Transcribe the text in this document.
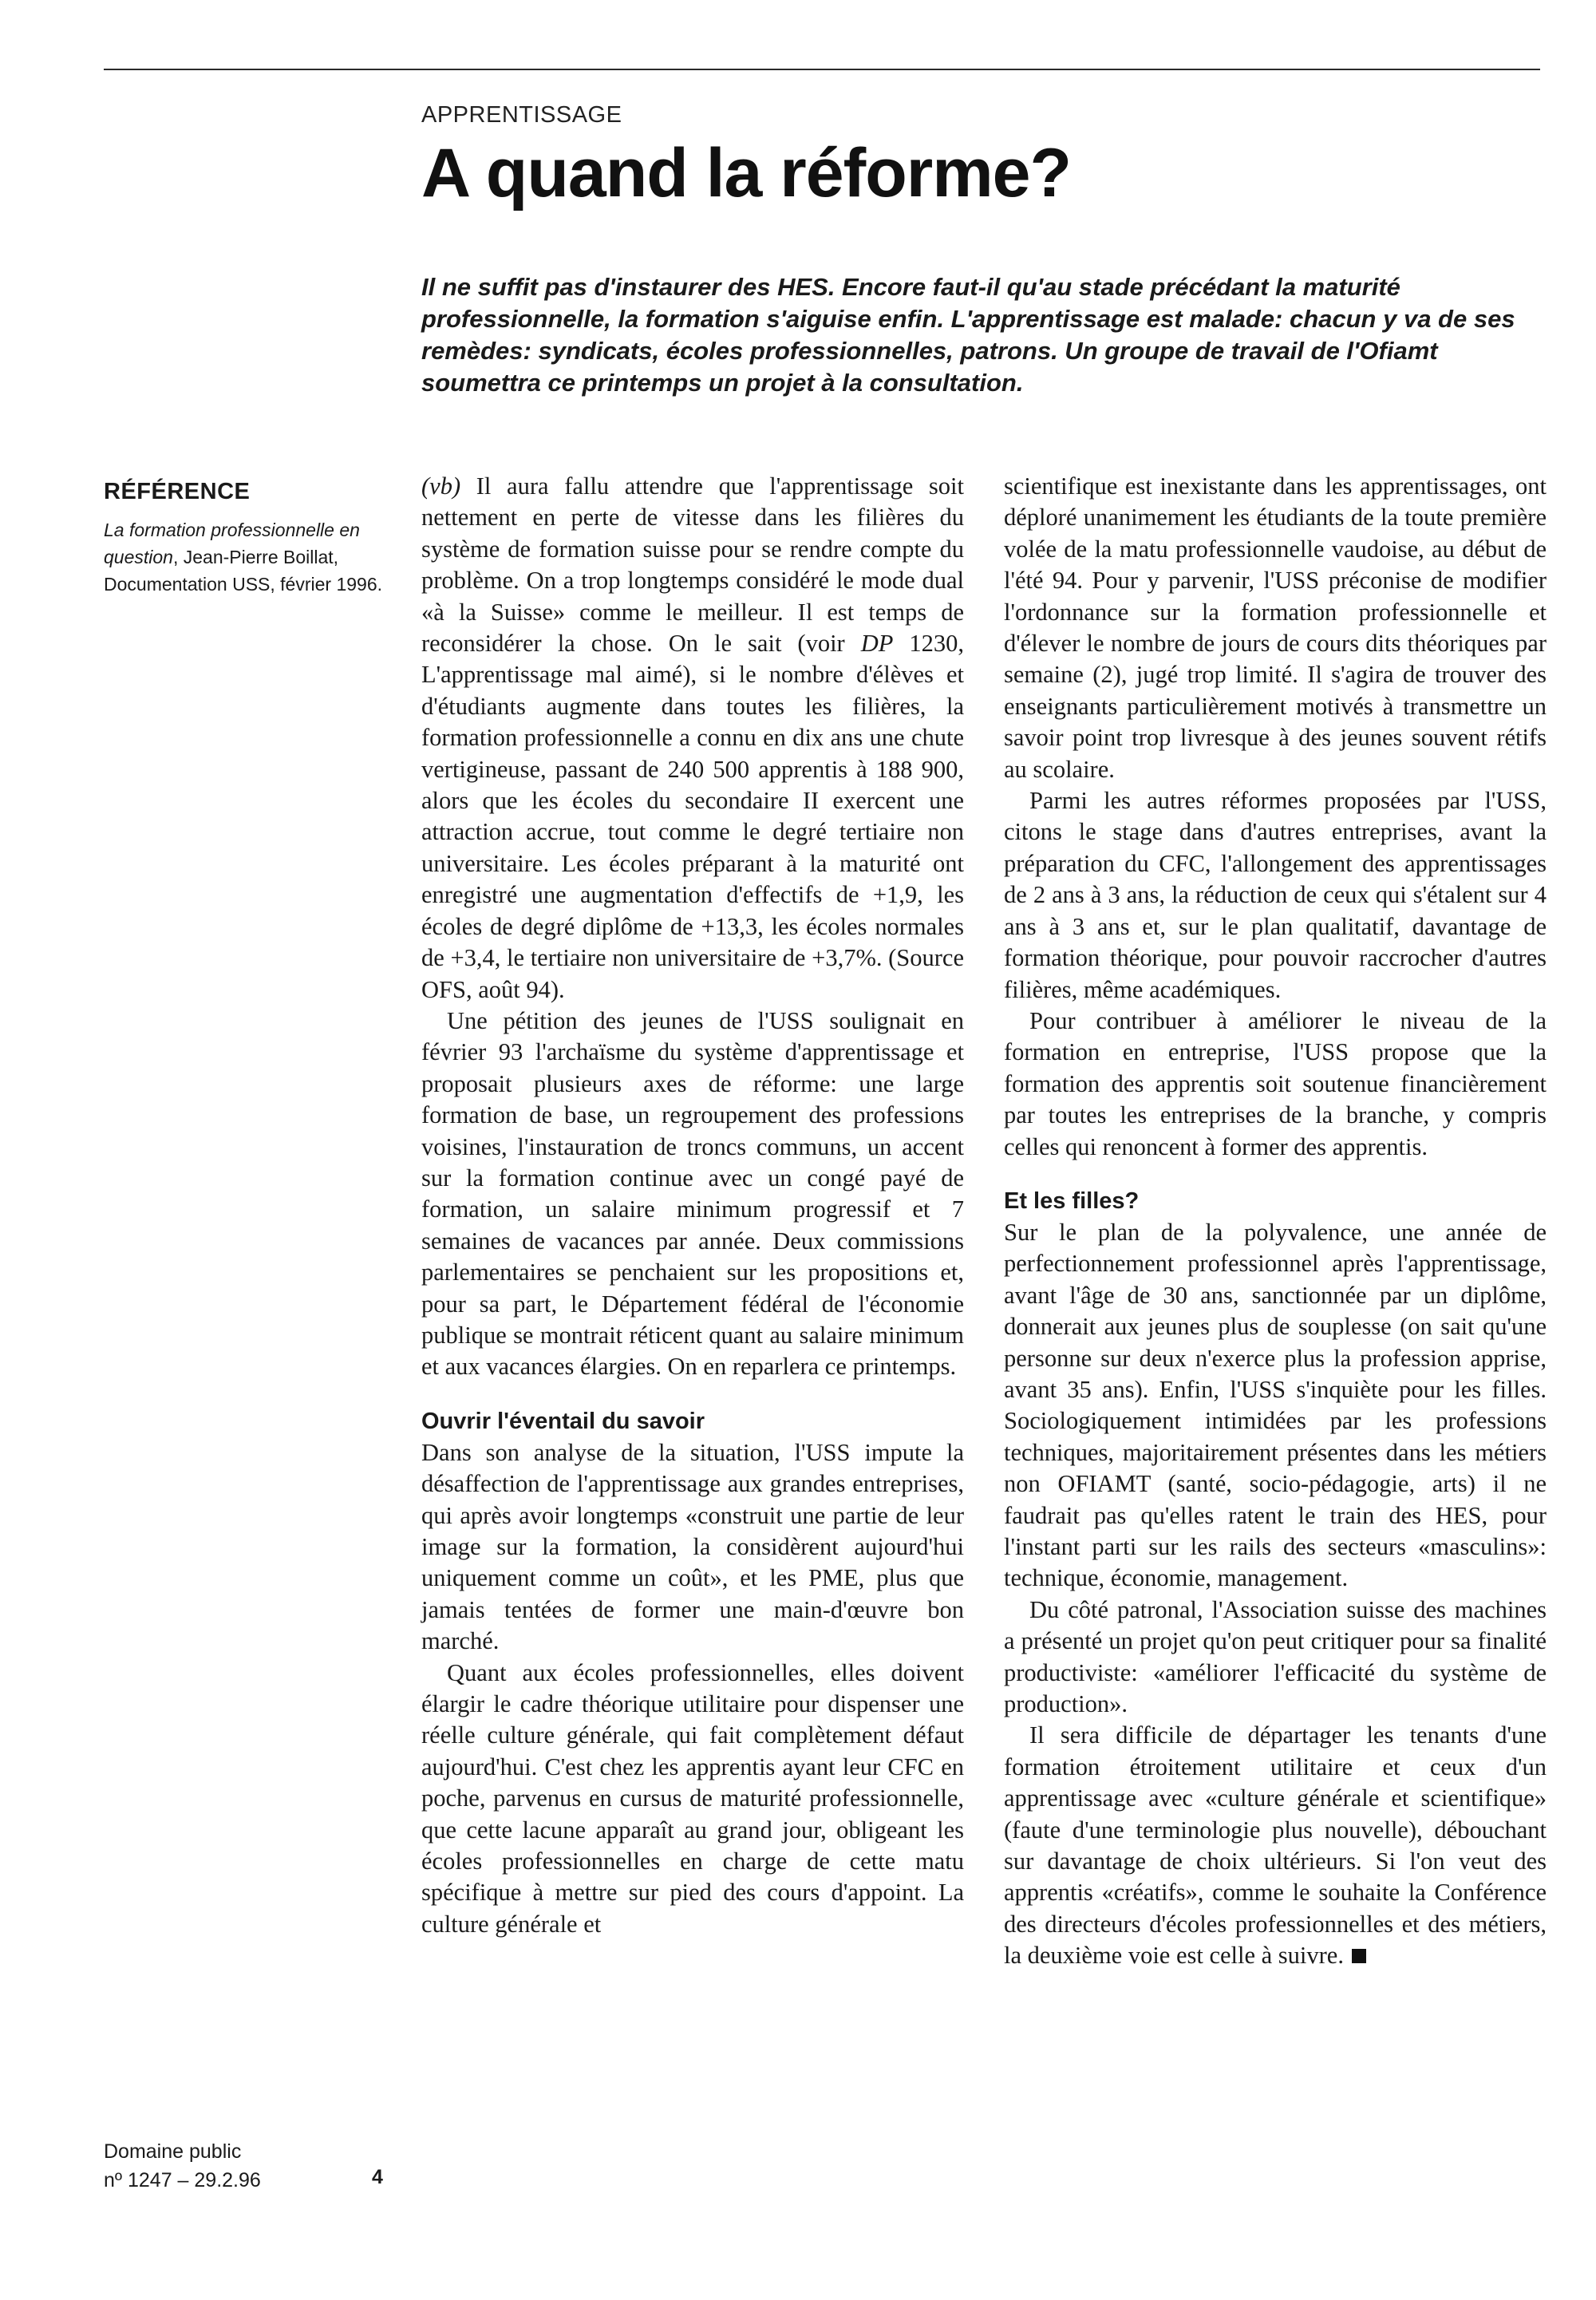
APPRENTISSAGE
A quand la réforme?

Il ne suffit pas d'instaurer des HES. Encore faut-il qu'au stade précédant la maturité professionnelle, la formation s'aiguise enfin. L'apprentissage est malade: chacun y va de ses remèdes: syndicats, écoles professionnelles, patrons. Un groupe de travail de l'Ofiamt soumettra ce printemps un projet à la consultation.

RÉFÉRENCE

La formation professionnelle en question, Jean-Pierre Boillat, Documentation USS, février 1996.

Domaine public
nº 1247 – 29.2.96	4

(vb) Il aura fallu attendre que l'apprentissage soit nettement en perte de vitesse dans les filières du système de formation suisse pour se rendre compte du problème. On a trop longtemps considéré le mode dual «à la Suisse» comme le meilleur. Il est temps de reconsidérer la chose. On le sait (voir DP 1230, L'apprentissage mal aimé), si le nombre d'élèves et d'étudiants augmente dans toutes les filières, la formation professionnelle a connu en dix ans une chute vertigineuse, passant de 240 500 apprentis à 188 900, alors que les écoles du secondaire II exercent une attraction accrue, tout comme le degré tertiaire non universitaire. Les écoles préparant à la maturité ont enregistré une augmentation d'effectifs de +1,9, les écoles de degré diplôme de +13,3, les écoles normales de +3,4, le tertiaire non universitaire de +3,7%. (Source OFS, août 94).

Une pétition des jeunes de l'USS soulignait en février 93 l'archaïsme du système d'apprentissage et proposait plusieurs axes de réforme: une large formation de base, un regroupement des professions voisines, l'instauration de troncs communs, un accent sur la formation continue avec un congé payé de formation, un salaire minimum progressif et 7 semaines de vacances par année. Deux commissions parlementaires se penchaient sur les propositions et, pour sa part, le Département fédéral de l'économie publique se montrait réticent quant au salaire minimum et aux vacances élargies. On en reparlera ce printemps.

Ouvrir l'éventail du savoir

Dans son analyse de la situation, l'USS impute la désaffection de l'apprentissage aux grandes entreprises, qui après avoir longtemps «construit une partie de leur image sur la formation, la considèrent aujourd'hui uniquement comme un coût», et les PME, plus que jamais tentées de former une main-d'œuvre bon marché.

Quant aux écoles professionnelles, elles doivent élargir le cadre théorique utilitaire pour dispenser une réelle culture générale, qui fait complètement défaut aujourd'hui. C'est chez les apprentis ayant leur CFC en poche, parvenus en cursus de maturité professionnelle, que cette lacune apparaît au grand jour, obligeant les écoles professionnelles en charge de cette matu spécifique à mettre sur pied des cours d'appoint. La culture générale et

scientifique est inexistante dans les apprentissages, ont déploré unanimement les étudiants de la toute première volée de la matu professionnelle vaudoise, au début de l'été 94. Pour y parvenir, l'USS préconise de modifier l'ordonnance sur la formation professionnelle et d'élever le nombre de jours de cours dits théoriques par semaine (2), jugé trop limité. Il s'agira de trouver des enseignants particulièrement motivés à transmettre un savoir point trop livresque à des jeunes souvent rétifs au scolaire.

Parmi les autres réformes proposées par l'USS, citons le stage dans d'autres entreprises, avant la préparation du CFC, l'allongement des apprentissages de 2 ans à 3 ans, la réduction de ceux qui s'étalent sur 4 ans à 3 ans et, sur le plan qualitatif, davantage de formation théorique, pour pouvoir raccrocher d'autres filières, même académiques.

Pour contribuer à améliorer le niveau de la formation en entreprise, l'USS propose que la formation des apprentis soit soutenue financièrement par toutes les entreprises de la branche, y compris celles qui renoncent à former des apprentis.

Et les filles?

Sur le plan de la polyvalence, une année de perfectionnement professionnel après l'apprentissage, avant l'âge de 30 ans, sanctionnée par un diplôme, donnerait aux jeunes plus de souplesse (on sait qu'une personne sur deux n'exerce plus la profession apprise, avant 35 ans). Enfin, l'USS s'inquiète pour les filles. Sociologiquement intimidées par les professions techniques, majoritairement présentes dans les métiers non OFIAMT (santé, socio-pédagogie, arts) il ne faudrait pas qu'elles ratent le train des HES, pour l'instant parti sur les rails des secteurs «masculins»: technique, économie, management.

Du côté patronal, l'Association suisse des machines a présenté un projet qu'on peut critiquer pour sa finalité productiviste: «améliorer l'efficacité du système de production».

Il sera difficile de départager les tenants d'une formation étroitement utilitaire et ceux d'un apprentissage avec «culture générale et scientifique» (faute d'une terminologie plus nouvelle), débouchant sur davantage de choix ultérieurs. Si l'on veut des apprentis «créatifs», comme le souhaite la Conférence des directeurs d'écoles professionnelles et des métiers, la deuxième voie est celle à suivre.
